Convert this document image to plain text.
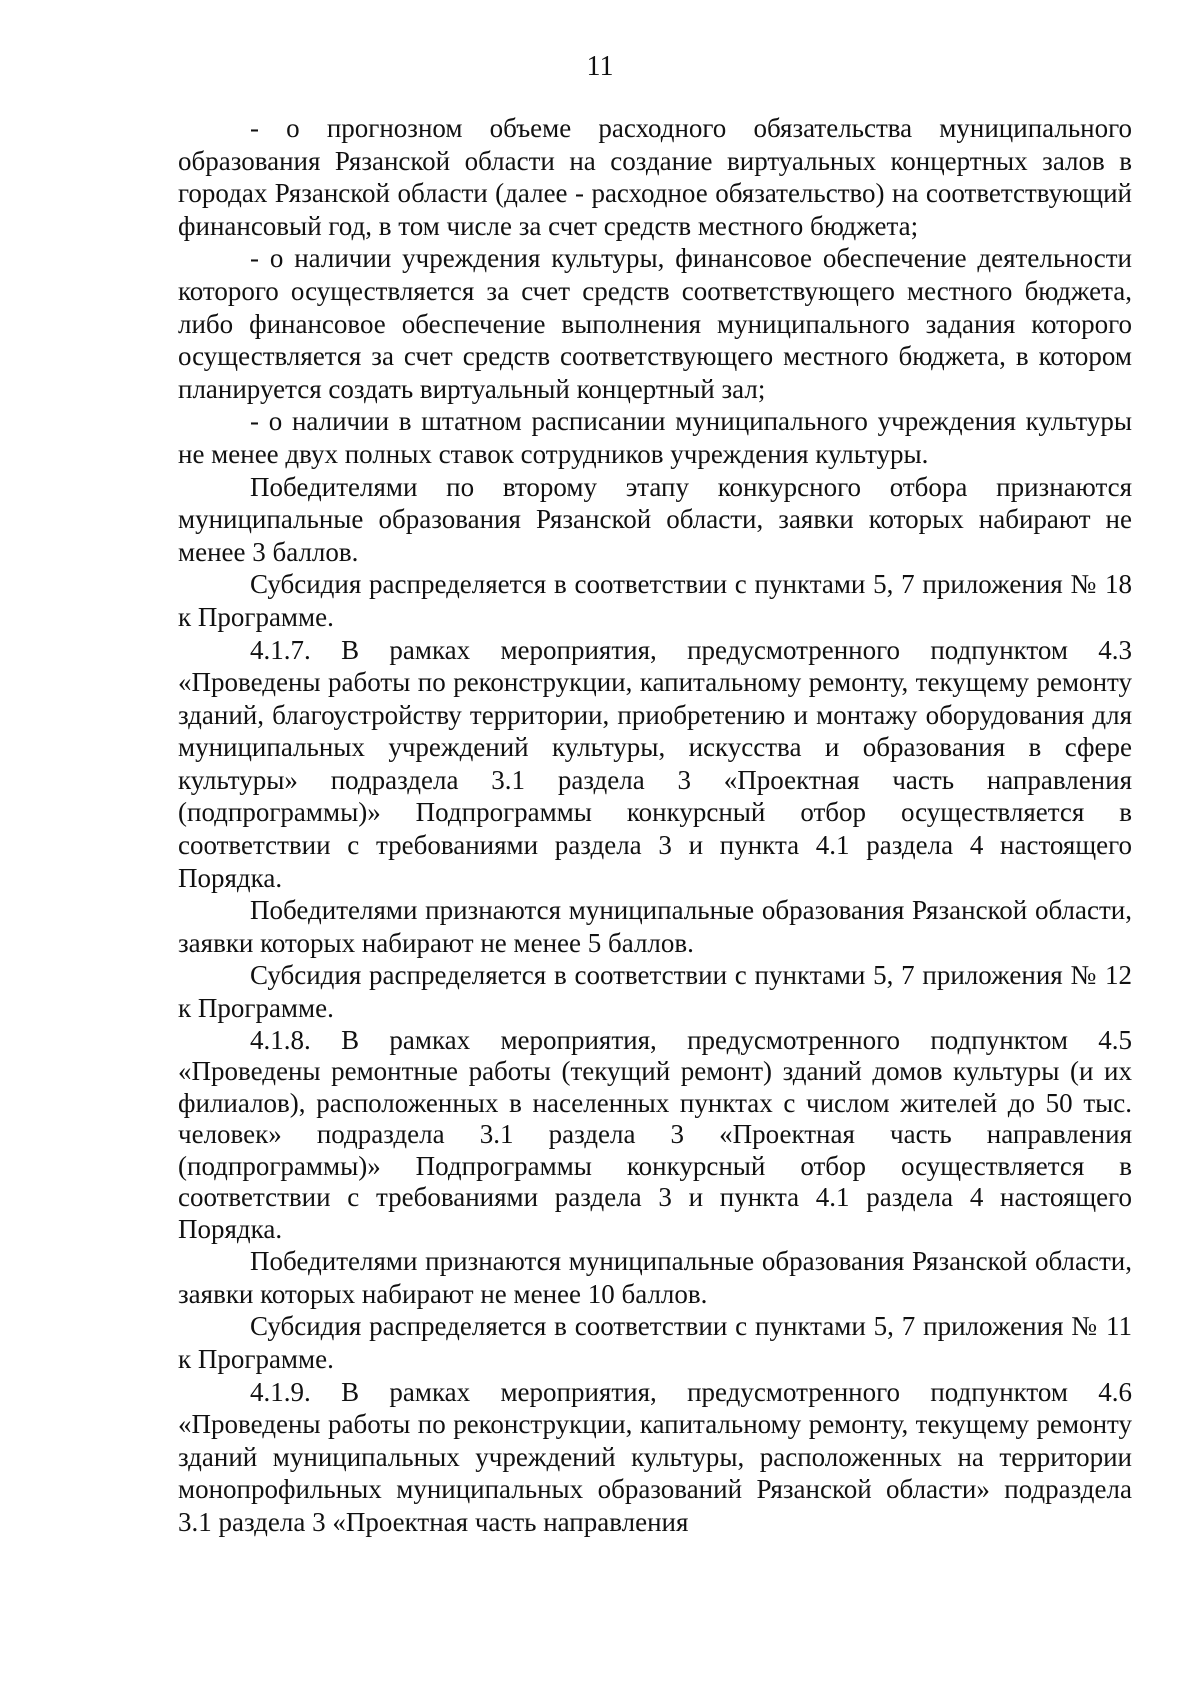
11

- о прогнозном объеме расходного обязательства муниципального образования Рязанской области на создание виртуальных концертных залов в городах Рязанской области (далее - расходное обязательство) на соответствующий финансовый год, в том числе за счет средств местного бюджета;

- о наличии учреждения культуры, финансовое обеспечение деятельности которого осуществляется за счет средств соответствующего местного бюджета, либо финансовое обеспечение выполнения муниципального задания которого осуществляется за счет средств соответствующего местного бюджета, в котором планируется создать виртуальный концертный зал;

- о наличии в штатном расписании муниципального учреждения культуры не менее двух полных ставок сотрудников учреждения культуры.

Победителями по второму этапу конкурсного отбора признаются муниципальные образования Рязанской области, заявки которых набирают не менее 3 баллов.

Субсидия распределяется в соответствии с пунктами 5, 7 приложения № 18 к Программе.

4.1.7. В рамках мероприятия, предусмотренного подпунктом 4.3 «Проведены работы по реконструкции, капитальному ремонту, текущему ремонту зданий, благоустройству территории, приобретению и монтажу оборудования для муниципальных учреждений культуры, искусства и образования в сфере культуры» подраздела 3.1 раздела 3 «Проектная часть направления (подпрограммы)» Подпрограммы конкурсный отбор осуществляется в соответствии с требованиями раздела 3 и пункта 4.1 раздела 4 настоящего Порядка.

Победителями признаются муниципальные образования Рязанской области, заявки которых набирают не менее 5 баллов.

Субсидия распределяется в соответствии с пунктами 5, 7 приложения № 12 к Программе.

4.1.8. В рамках мероприятия, предусмотренного подпунктом 4.5 «Проведены ремонтные работы (текущий ремонт) зданий домов культуры (и их филиалов), расположенных в населенных пунктах с числом жителей до 50 тыс. человек» подраздела 3.1 раздела 3 «Проектная часть направления (подпрограммы)» Подпрограммы конкурсный отбор осуществляется в соответствии с требованиями раздела 3 и пункта 4.1 раздела 4 настоящего Порядка.

Победителями признаются муниципальные образования Рязанской области, заявки которых набирают не менее 10 баллов.

Субсидия распределяется в соответствии с пунктами 5, 7 приложения № 11 к Программе.

4.1.9. В рамках мероприятия, предусмотренного подпунктом 4.6 «Проведены работы по реконструкции, капитальному ремонту, текущему ремонту зданий муниципальных учреждений культуры, расположенных на территории монопрофильных муниципальных образований Рязанской области» подраздела 3.1 раздела 3 «Проектная часть направления
